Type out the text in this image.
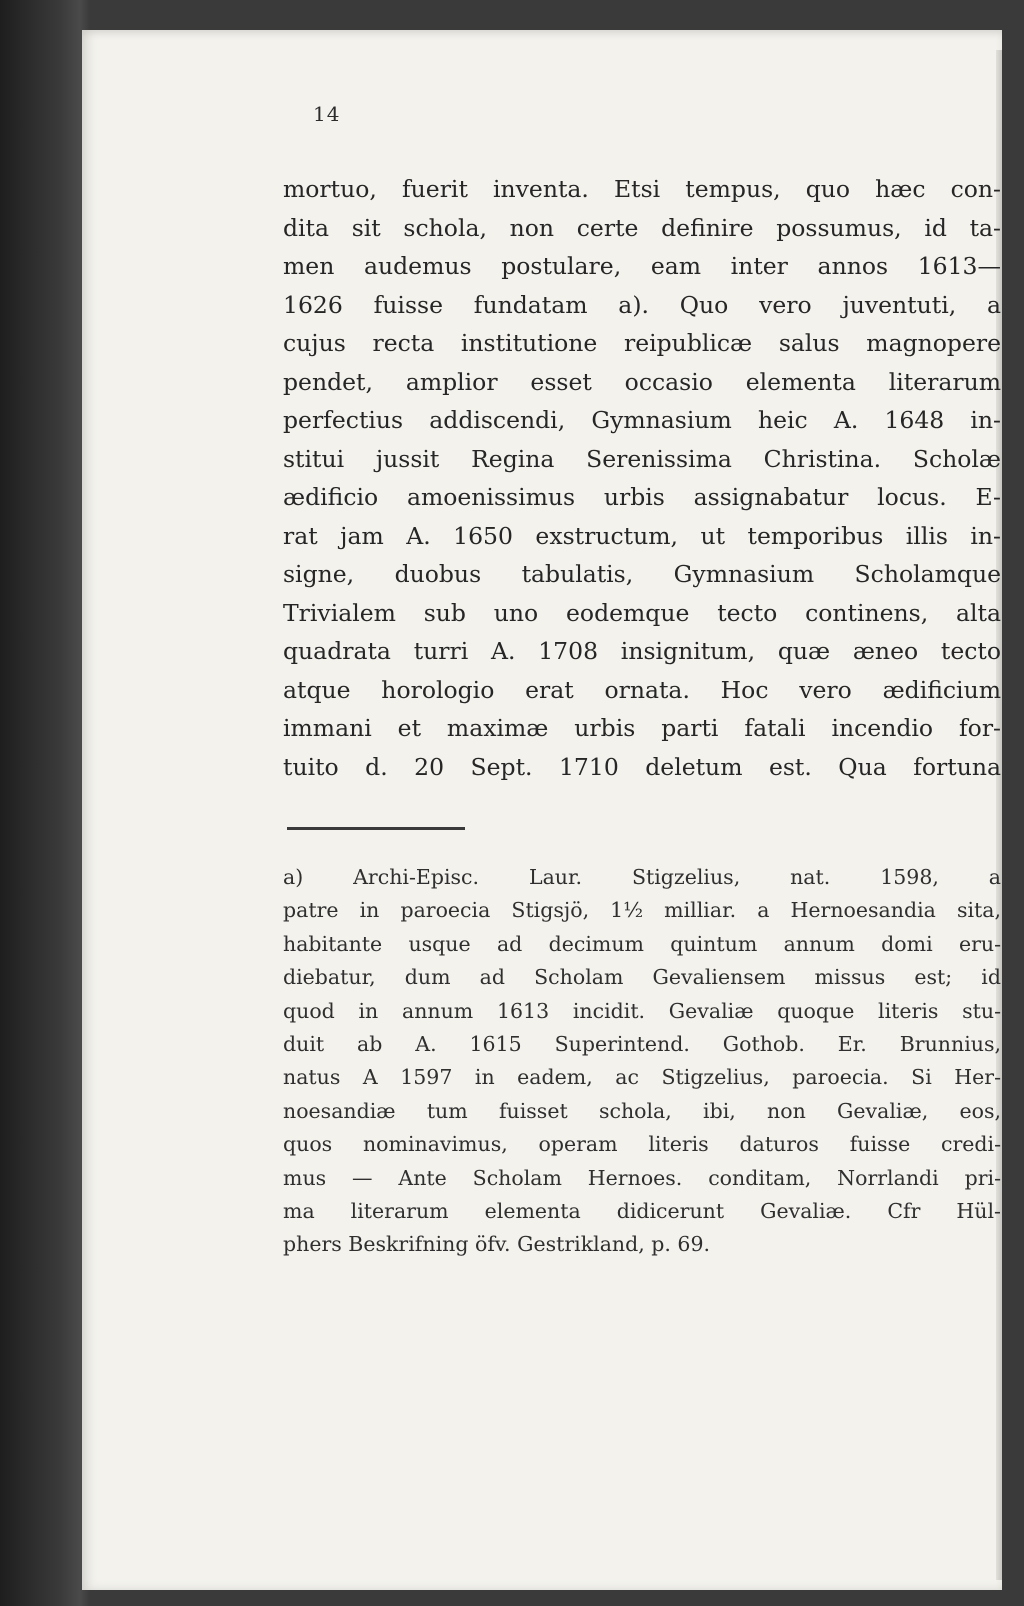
14
mortuo, fuerit inventa. Etsi tempus, quo hæc con-
dita sit schola, non certe definire possumus, id ta-
men audemus postulare, eam inter annos 1613—
1626 fuisse fundatam a). Quo vero juventuti, a
cujus recta institutione reipublicæ salus magnopere
pendet, amplior esset occasio elementa literarum
perfectius addiscendi, Gymnasium heic A. 1648 in-
stitui jussit Regina Serenissima Christina. Scholæ
ædificio amoenissimus urbis assignabatur locus. E-
rat jam A. 1650 exstructum, ut temporibus illis in-
signe, duobus tabulatis, Gymnasium Scholamque
Trivialem sub uno eodemque tecto continens, alta
quadrata turri A. 1708 insignitum, quæ æneo tecto
atque horologio erat ornata. Hoc vero ædificium
immani et maximæ urbis parti fatali incendio for-
tuito d. 20 Sept. 1710 deletum est. Qua fortuna
a) Archi-Episc. Laur. Stigzelius, nat. 1598, a
patre in paroecia Stigsjö, 1½ milliar. a Hernoesandia sita,
habitante usque ad decimum quintum annum domi eru-
diebatur, dum ad Scholam Gevaliensem missus est; id
quod in annum 1613 incidit. Gevaliæ quoque literis stu-
duit ab A. 1615 Superintend. Gothob. Er. Brunnius,
natus A 1597 in eadem, ac Stigzelius, paroecia. Si Her-
noesandiæ tum fuisset schola, ibi, non Gevaliæ, eos,
quos nominavimus, operam literis daturos fuisse credi-
mus — Ante Scholam Hernoes. conditam, Norrlandi pri-
ma literarum elementa didicerunt Gevaliæ. Cfr Hül-
phers Beskrifning öfv. Gestrikland, p. 69.
